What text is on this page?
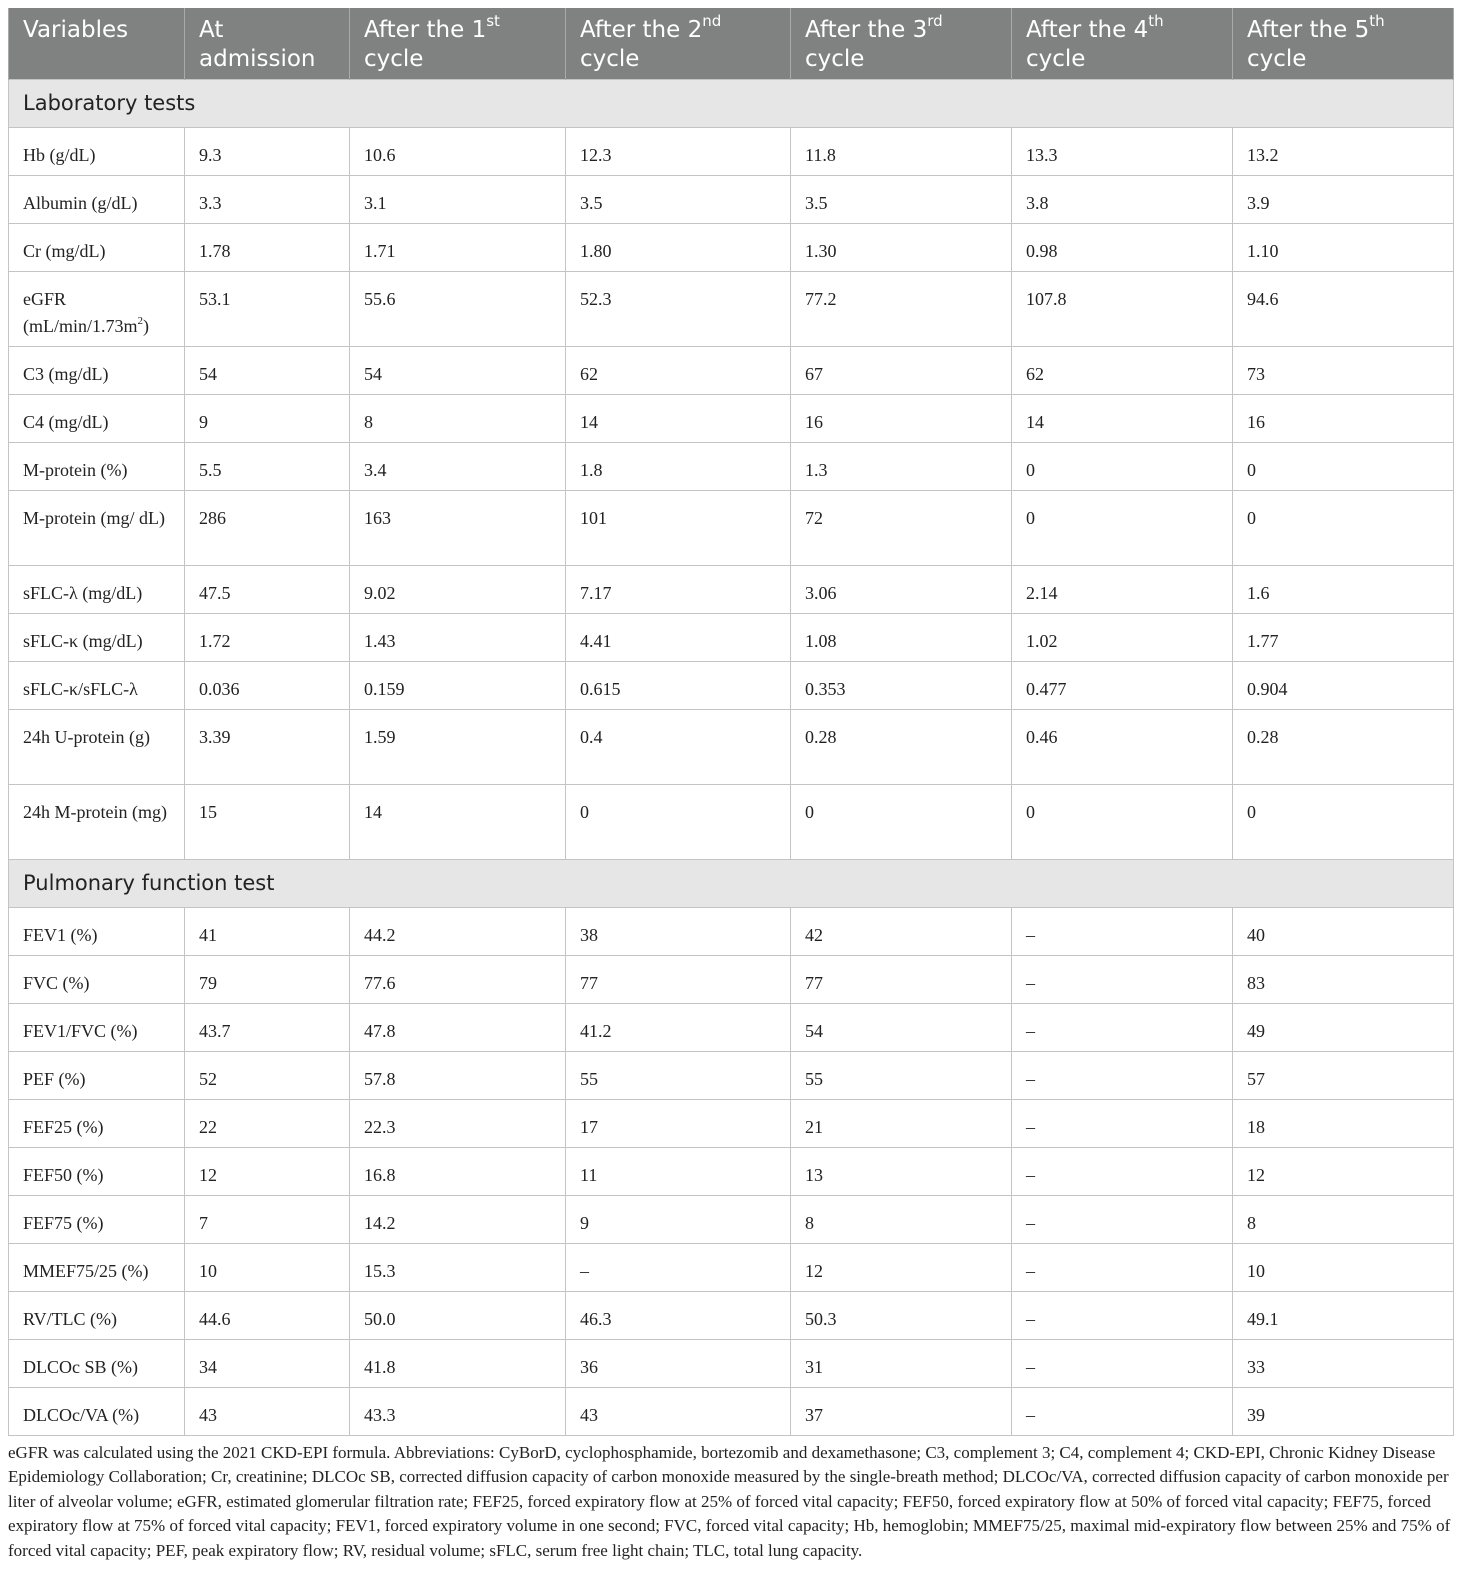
Variables	At admission	After the 1st cycle	After the 2nd cycle	After the 3rd cycle	After the 4th cycle	After the 5th cycle
Laboratory tests						
Hb (g/dL)	9.3	10.6	12.3	11.8	13.3	13.2
Albumin (g/dL)	3.3	3.1	3.5	3.5	3.8	3.9
Cr (mg/dL)	1.78	1.71	1.80	1.30	0.98	1.10
eGFR $(mL/\min/1.73m^2)$	53.1	55.6	52.3	77.2	107.8	94.6
C3 (mg/dL)	54	54	62	67	62	73
C4 (mg/dL)	9	8	14	16	14	16
M-protein (%)	5.5	3.4	1.8	1.3	0	0
M-protein (mg/ dL)	286	163	101	72	0	0
sFLC-λ (mg/dL)	47.5	9.02	7.17	3.06	2.14	1.6
sFLC-κ (mg/dL)	1.72	1.43	4.41	1.08	1.02	1.77
sFLC-κ/sFLC-λ	0.036	0.159	0.615	0.353	0.477	0.904
24h U-protein (g)	3.39	1.59	0.4	0.28	0.46	0.28
24h M-protein (mg)	15	14	0	0	0	0
Pulmonary function test						
FEV1 (%)	41	44.2	38	42	–	40
FVC (%)	79	77.6	77	77	–	83
FEV1/FVC (%)	43.7	47.8	41.2	54	–	49
PEF (%)	52	57.8	55	55	–	57
FEF25 (%)	22	22.3	17	21	–	18
FEF50 (%)	12	16.8	11	13	–	12
FEF75 (%)	7	14.2	9	8	–	8
MMEF75/25 (%)	10	15.3	–	12	–	10
RV/TLC (%)	44.6	50.0	46.3	50.3	–	49.1
DLCOc SB (%)	34	41.8	36	31	–	33
DLCOc/VA (%)	43	43.3	43	37	–	39
eGFR was calculated using the 2021 CKD-EPI formula. Abbreviations: CyBorD, cyclophosphamide, bortezomib and dexamethasone; C3, complement 3; C4, complement 4; CKD-EPI, Chronic Kidney Disease Epidemiology Collaboration; Cr, creatinine; DLCOc SB, corrected diffusion capacity of carbon monoxide measured by the single-breath method; DLCOc/VA, corrected diffusion capacity of carbon monoxide per liter of alveolar volume; eGFR, estimated glomerular filtration rate; FEF25, forced expiratory flow at 25% of forced vital capacity; FEF50, forced expiratory flow at 50% of forced vital capacity; FEF75, forced expiratory flow at 75% of forced vital capacity; FEV1, forced expiratory volume in one second; FVC, forced vital capacity; Hb, hemoglobin; MMEF75/25, maximal mid-expiratory flow between 25% and 75% of forced vital capacity; PEF, peak expiratory flow; RV, residual volume; sFLC, serum free light chain; TLC, total lung capacity.
